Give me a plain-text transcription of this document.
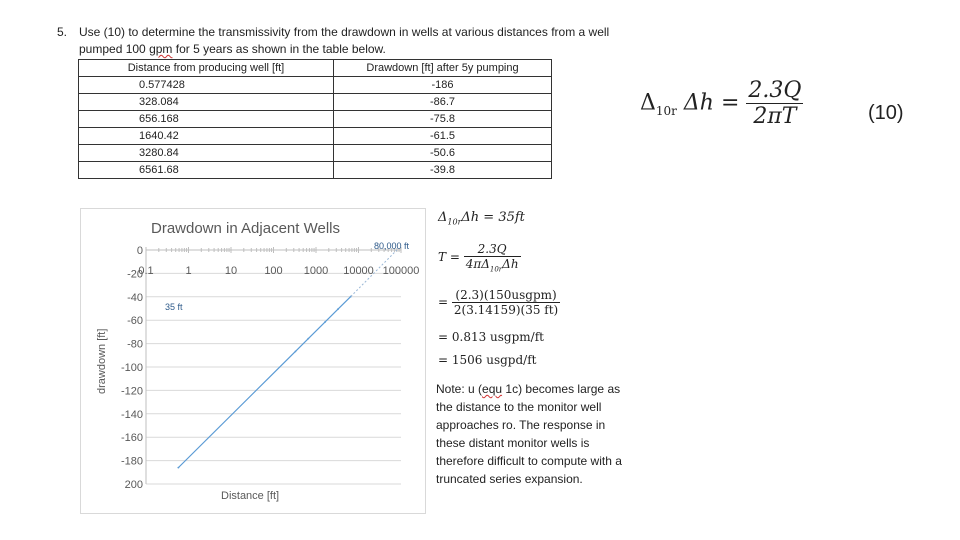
5. Use (10) to determine the transmissivity from the drawdown in wells at various distances from a well pumped 100 gpm for 5 years as shown in the table below.
Distance from producing well [ft]	Drawdown [ft] after 5y pumping
0.577428	-186
328.084	-86.7
656.168	-75.8
1640.42	-61.5
3280.84	-50.6
6561.68	-39.8
$\Delta_{10r}$ $\Delta h = \frac{2.3Q}{2\pi T}$	(10)
Drawdown in Adjacent Wells
0
-20
-40
-60
-80
-100
-120
-140
-160
-180
200
0.1	1	10 100 1000 10000 100000
drawdown [ft]
Distance [ft]
80,000 ft
35 ft
$\Delta_{10r}\Delta h = 35ft$
$T = \frac{2.3Q}{4\pi\Delta_{10r}\Delta h}$
= $\frac{\text{(2.3)(150usgpm)}}{2(3.14159)(35 ft)}$
= 0.813 usgpm/ft
= 1506 usgpd/ft
Note: u (equ 1c) becomes large as the distance to the monitor well approaches ro. The response in these distant monitor wells is therefore difficult to compute with a truncated series expansion.
